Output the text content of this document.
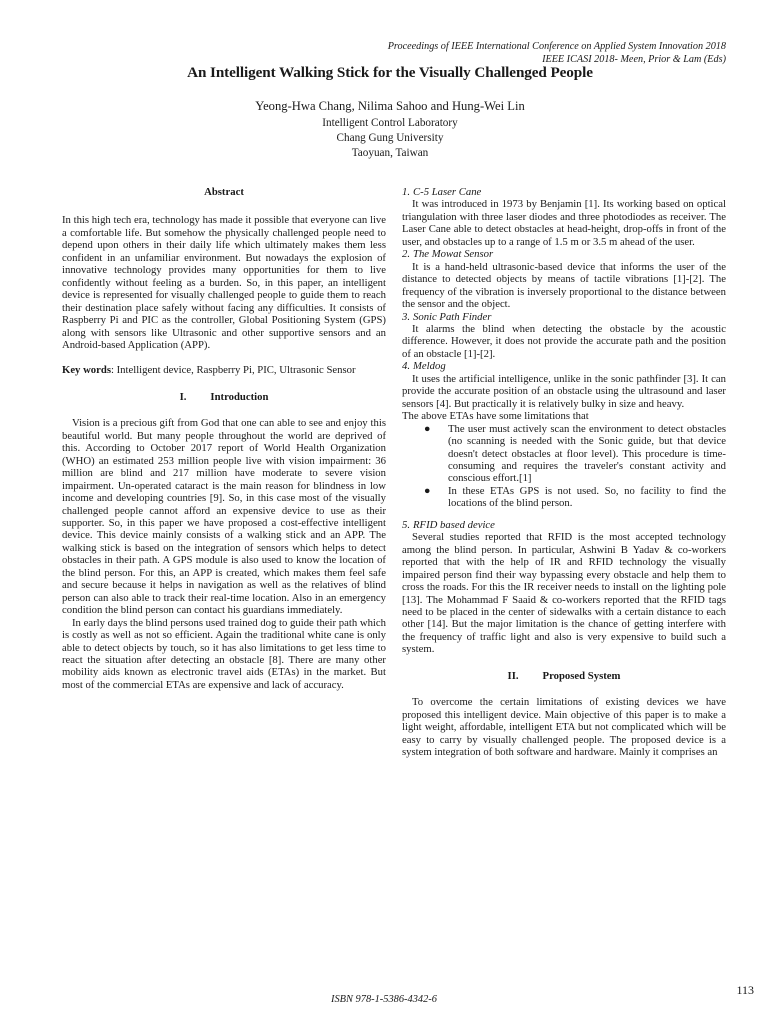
Proceedings of IEEE International Conference on Applied System Innovation 2018
IEEE ICASI 2018- Meen, Prior & Lam (Eds)
An Intelligent Walking Stick for the Visually Challenged People
Yeong-Hwa Chang, Nilima Sahoo and Hung-Wei Lin
Intelligent Control Laboratory
Chang Gung University
Taoyuan, Taiwan

Abstract

In this high tech era, technology has made it possible that everyone can live a comfortable life. But somehow the physically challenged people need to depend upon others in their daily life which ultimately makes them less confident in an unfamiliar environment. But nowadays the explosion of innovative technology provides many opportunities for them to live confidently without feeling as a burden. So, in this paper, an intelligent device is represented for visually challenged people to guide them to reach their destination place safely without facing any difficulties. It consists of Raspberry Pi and PIC as the controller, Global Positioning System (GPS) along with sensors like Ultrasonic and other supportive sensors and an Android-based Application (APP).

Key words: Intelligent device, Raspberry Pi, PIC, Ultrasonic Sensor

I. Introduction

Vision is a precious gift from God that one can able to see and enjoy this beautiful world. But many people throughout the world are deprived of this. According to October 2017 report of World Health Organization (WHO) an estimated 253 million people live with vision impairment: 36 million are blind and 217 million have moderate to severe vision impairment. Un-operated cataract is the main reason for blindness in low income and developing countries [9]. So, in this case most of the visually challenged people cannot afford an expensive device to use as their supporter. So, in this paper we have proposed a cost-effective intelligent device. This device mainly consists of a walking stick and an APP. The walking stick is based on the integration of sensors which helps to detect obstacles in their path. A GPS module is also used to know the location of the blind person. For this, an APP is created, which makes them feel safe and secure because it helps in navigation as well as the relatives of blind person can also able to track their real-time location. Also in an emergency condition the blind person can contact his guardians immediately.

In early days the blind persons used trained dog to guide their path which is costly as well as not so efficient. Again the traditional white cane is only able to detect objects by touch, so it has also limitations to get less time to react the situation after detecting an obstacle [8]. There are many other mobility aids known as electronic travel aids (ETAs) in the market. But most of the commercial ETAs are expensive and lack of accuracy.

1. C-5 Laser Cane

It was introduced in 1973 by Benjamin [1]. Its working based on optical triangulation with three laser diodes and three photodiodes as receiver. The Laser Cane able to detect obstacles at head-height, drop-offs in front of the user, and obstacles up to a range of 1.5 m or 3.5 m ahead of the user.

2. The Mowat Sensor

It is a hand-held ultrasonic-based device that informs the user of the distance to detected objects by means of tactile vibrations [1]-[2]. The frequency of the vibration is inversely proportional to the distance between the sensor and the object.

3. Sonic Path Finder

It alarms the blind when detecting the obstacle by the acoustic difference. However, it does not provide the accurate path and the position of an obstacle [1]-[2].

4. Meldog

It uses the artificial intelligence, unlike in the sonic pathfinder [3]. It can provide the accurate position of an obstacle using the ultrasound and laser sensors [4]. But practically it is relatively bulky in size and heavy.

The above ETAs have some limitations that

● The user must actively scan the environment to detect obstacles (no scanning is needed with the Sonic guide, but that device doesn't detect obstacles at floor level). This procedure is time-consuming and requires the traveler's constant activity and conscious effort.[1]
● In these ETAs GPS is not used. So, no facility to find the locations of the blind person.

5. RFID based device

Several studies reported that RFID is the most accepted technology among the blind person. In particular, Ashwini B Yadav & co-workers reported that with the help of IR and RFID technology the visually impaired person find their way bypassing every obstacle and help them to cross the roads. For this the IR receiver needs to install on the lighting pole [13]. The Mohammad F Saaid & co-workers reported that the RFID tags need to be placed in the center of sidewalks with a certain distance to each other [14]. But the major limitation is the chance of getting interfere with the frequency of traffic light and also is very expensive to build such a system.

II. Proposed System

To overcome the certain limitations of existing devices we have proposed this intelligent device. Main objective of this paper is to make a light weight, affordable, intelligent ETA but not complicated which will be easy to carry by visually challenged people. The proposed device is a system integration of both software and hardware. Mainly it comprises an

ISBN 978-1-5386-4342-6
113
